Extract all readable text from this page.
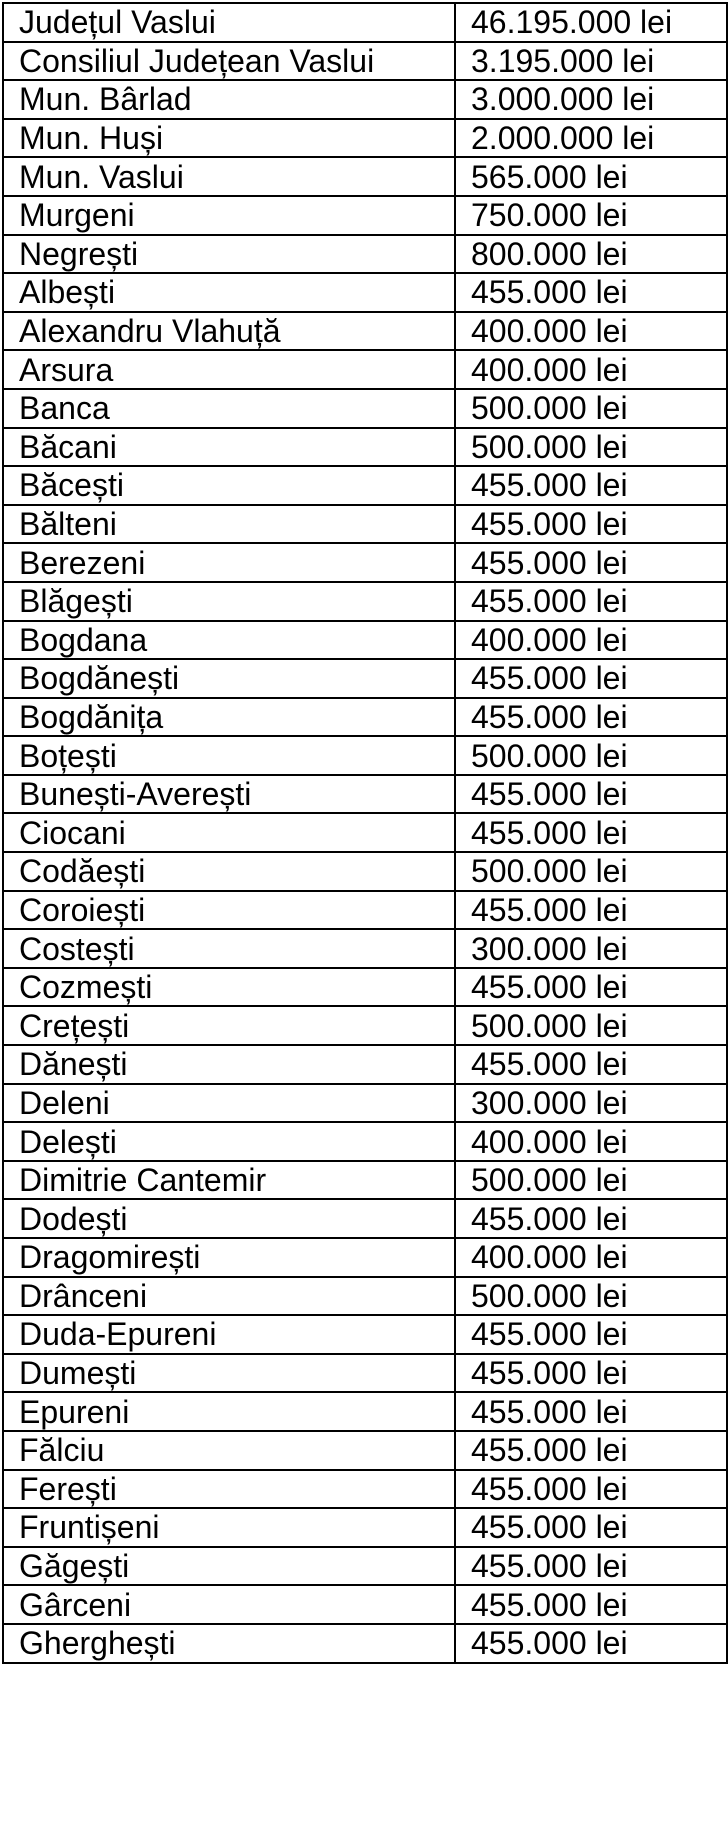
Județul Vaslui	46.195.000 lei
Consiliul Județean Vaslui	3.195.000 lei
Mun. Bârlad	3.000.000 lei
Mun. Huși	2.000.000 lei
Mun. Vaslui	565.000 lei
Murgeni	750.000 lei
Negrești	800.000 lei
Albești	455.000 lei
Alexandru Vlahuță	400.000 lei
Arsura	400.000 lei
Banca	500.000 lei
Băcani	500.000 lei
Băcești	455.000 lei
Bălteni	455.000 lei
Berezeni	455.000 lei
Blăgești	455.000 lei
Bogdana	400.000 lei
Bogdănești	455.000 lei
Bogdănița	455.000 lei
Boțești	500.000 lei
Bunești-Averești	455.000 lei
Ciocani	455.000 lei
Codăești	500.000 lei
Coroiești	455.000 lei
Costești	300.000 lei
Cozmești	455.000 lei
Crețești	500.000 lei
Dănești	455.000 lei
Deleni	300.000 lei
Delești	400.000 lei
Dimitrie Cantemir	500.000 lei
Dodești	455.000 lei
Dragomirești	400.000 lei
Drânceni	500.000 lei
Duda-Epureni	455.000 lei
Dumești	455.000 lei
Epureni	455.000 lei
Fălciu	455.000 lei
Ferești	455.000 lei
Fruntișeni	455.000 lei
Găgești	455.000 lei
Gârceni	455.000 lei
Gherghești	455.000 lei
